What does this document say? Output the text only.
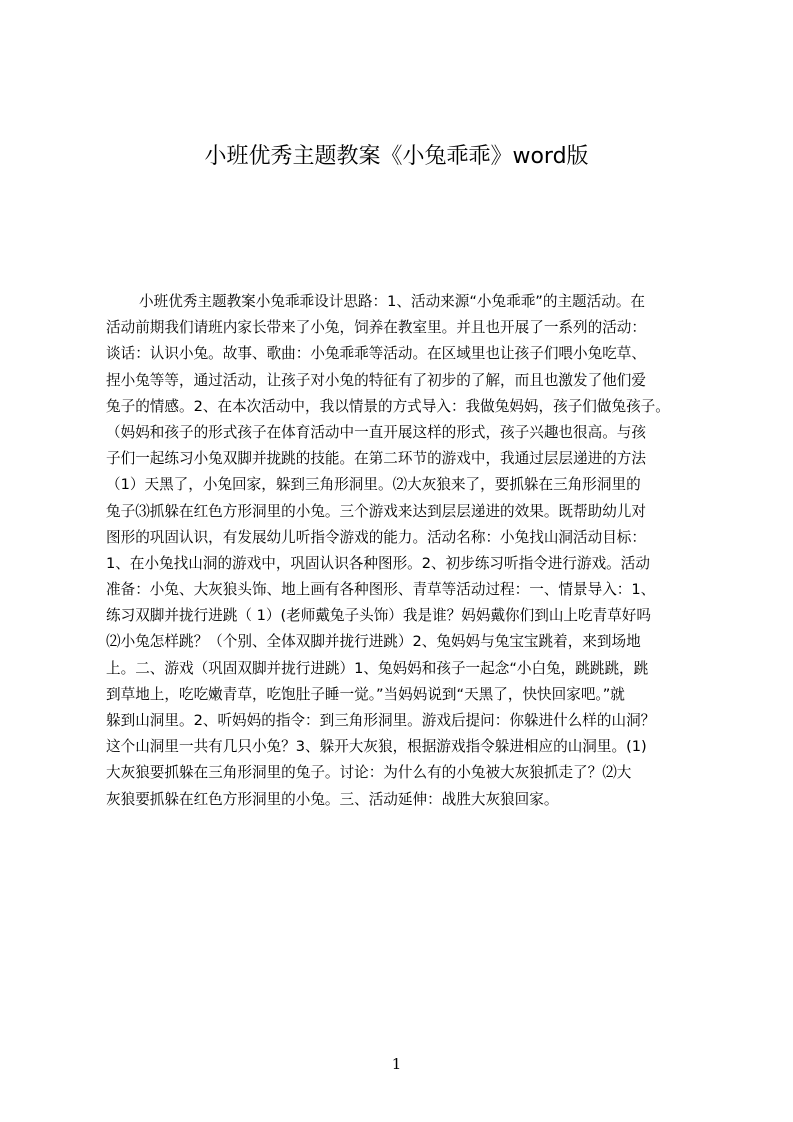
小班优秀主题教案《小兔乖乖》word版
小班优秀主题教案小兔乖乖设计思路：1、活动来源“小兔乖乖”的主题活动。在
活动前期我们请班内家长带来了小兔，饲养在教室里。并且也开展了一系列的活动：
谈话：认识小兔。故事、歌曲：小兔乖乖等活动。在区域里也让孩子们喂小兔吃草、
捏小兔等等，通过活动，让孩子对小兔的特征有了初步的了解，而且也激发了他们爱
兔子的情感。2、在本次活动中，我以情景的方式导入：我做兔妈妈，孩子们做兔孩子。
（妈妈和孩子的形式孩子在体育活动中一直开展这样的形式，孩子兴趣也很高。与孩
子们一起练习小兔双脚并拢跳的技能。在第二环节的游戏中，我通过层层递进的方法
（1）天黑了，小兔回家，躲到三角形洞里。⑵大灰狼来了，要抓躲在三角形洞里的
兔子⑶抓躲在红色方形洞里的小兔。三个游戏来达到层层递进的效果。既帮助幼儿对
图形的巩固认识，有发展幼儿听指令游戏的能力。活动名称：小兔找山洞活动目标：
1、在小兔找山洞的游戏中，巩固认识各种图形。2、初步练习听指令进行游戏。活动
准备：小兔、大灰狼头饰、地上画有各种图形、青草等活动过程：一、情景导入：1、
练习双脚并拢行进跳（ 1）(老师戴兔子头饰）我是谁？妈妈戴你们到山上吃青草好吗
⑵小兔怎样跳？（个别、全体双脚并拢行进跳）2、兔妈妈与兔宝宝跳着，来到场地
上。二、游戏（巩固双脚并拢行进跳）1、兔妈妈和孩子一起念“小白兔，跳跳跳，跳
到草地上，吃吃嫩青草，吃饱肚子睡一觉。”当妈妈说到“天黑了，快快回家吧。”就
躲到山洞里。2、听妈妈的指令：到三角形洞里。游戏后提问：你躲进什么样的山洞？
这个山洞里一共有几只小兔？3、躲开大灰狼，根据游戏指令躲进相应的山洞里。(1)
大灰狼要抓躲在三角形洞里的兔子。讨论：为什么有的小兔被大灰狼抓走了？⑵大
灰狼要抓躲在红色方形洞里的小兔。三、活动延伸：战胜大灰狼回家。
1
